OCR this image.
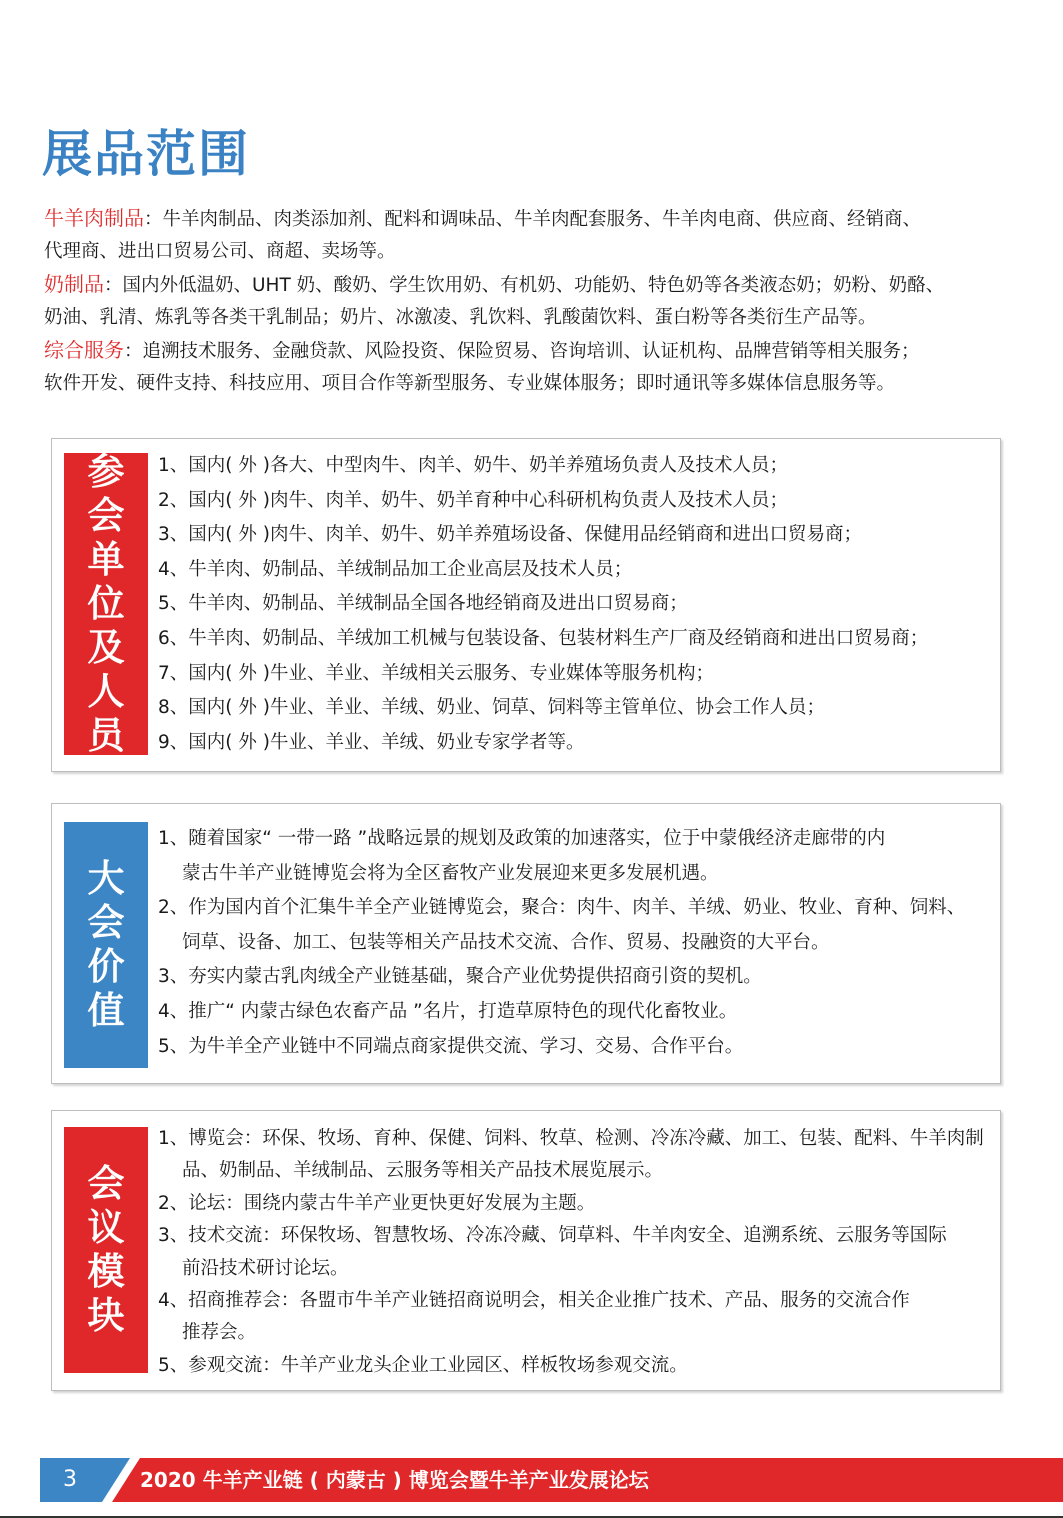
展品范围

牛羊肉制品：牛羊肉制品、肉类添加剂、配料和调味品、牛羊肉配套服务、牛羊肉电商、供应商、经销商、

代理商、进出口贸易公司、商超、卖场等。

奶制品：国内外低温奶、UHT 奶、酸奶、学生饮用奶、有机奶、功能奶、特色奶等各类液态奶；奶粉、奶酪、

奶油、乳清、炼乳等各类干乳制品；奶片、冰激凌、乳饮料、乳酸菌饮料、蛋白粉等各类衍生产品等。

综合服务：追溯技术服务、金融贷款、风险投资、保险贸易、咨询培训、认证机构、品牌营销等相关服务；

软件开发、硬件支持、科技应用、项目合作等新型服务、专业媒体服务；即时通讯等多媒体信息服务等。

参
会
单
位
及
人
员
1、国内( 外 )各大、中型肉牛、肉羊、奶牛、奶羊养殖场负责人及技术人员；
2、国内( 外 )肉牛、肉羊、奶牛、奶羊育种中心科研机构负责人及技术人员；
3、国内( 外 )肉牛、肉羊、奶牛、奶羊养殖场设备、保健用品经销商和进出口贸易商；
4、牛羊肉、奶制品、羊绒制品加工企业高层及技术人员；
5、牛羊肉、奶制品、羊绒制品全国各地经销商及进出口贸易商；
6、牛羊肉、奶制品、羊绒加工机械与包装设备、包装材料生产厂商及经销商和进出口贸易商；
7、国内( 外 )牛业、羊业、羊绒相关云服务、专业媒体等服务机构；
8、国内( 外 )牛业、羊业、羊绒、奶业、饲草、饲料等主管单位、协会工作人员；
9、国内( 外 )牛业、羊业、羊绒、奶业专家学者等。
大
会
价
值
1、随着国家“ 一带一路 ”战略远景的规划及政策的加速落实，位于中蒙俄经济走廊带的内
蒙古牛羊产业链博览会将为全区畜牧产业发展迎来更多发展机遇。
2、作为国内首个汇集牛羊全产业链博览会，聚合：肉牛、肉羊、羊绒、奶业、牧业、育种、饲料、
饲草、设备、加工、包装等相关产品技术交流、合作、贸易、投融资的大平台。
3、夯实内蒙古乳肉绒全产业链基础，聚合产业优势提供招商引资的契机。
4、推广“ 内蒙古绿色农畜产品 ”名片，打造草原特色的现代化畜牧业。
5、为牛羊全产业链中不同端点商家提供交流、学习、交易、合作平台。
会
议
模
块
1、博览会：环保、牧场、育种、保健、饲料、牧草、检测、冷冻冷藏、加工、包装、配料、牛羊肉制
品、奶制品、羊绒制品、云服务等相关产品技术展览展示。
2、论坛：围绕内蒙古牛羊产业更快更好发展为主题。
3、技术交流：环保牧场、智慧牧场、冷冻冷藏、饲草料、牛羊肉安全、追溯系统、云服务等国际
前沿技术研讨论坛。
4、招商推荐会：各盟市牛羊产业链招商说明会，相关企业推广技术、产品、服务的交流合作
推荐会。
5、参观交流：牛羊产业龙头企业工业园区、样板牧场参观交流。
3	2020 牛羊产业链 ( 内蒙古 ) 博览会暨牛羊产业发展论坛
